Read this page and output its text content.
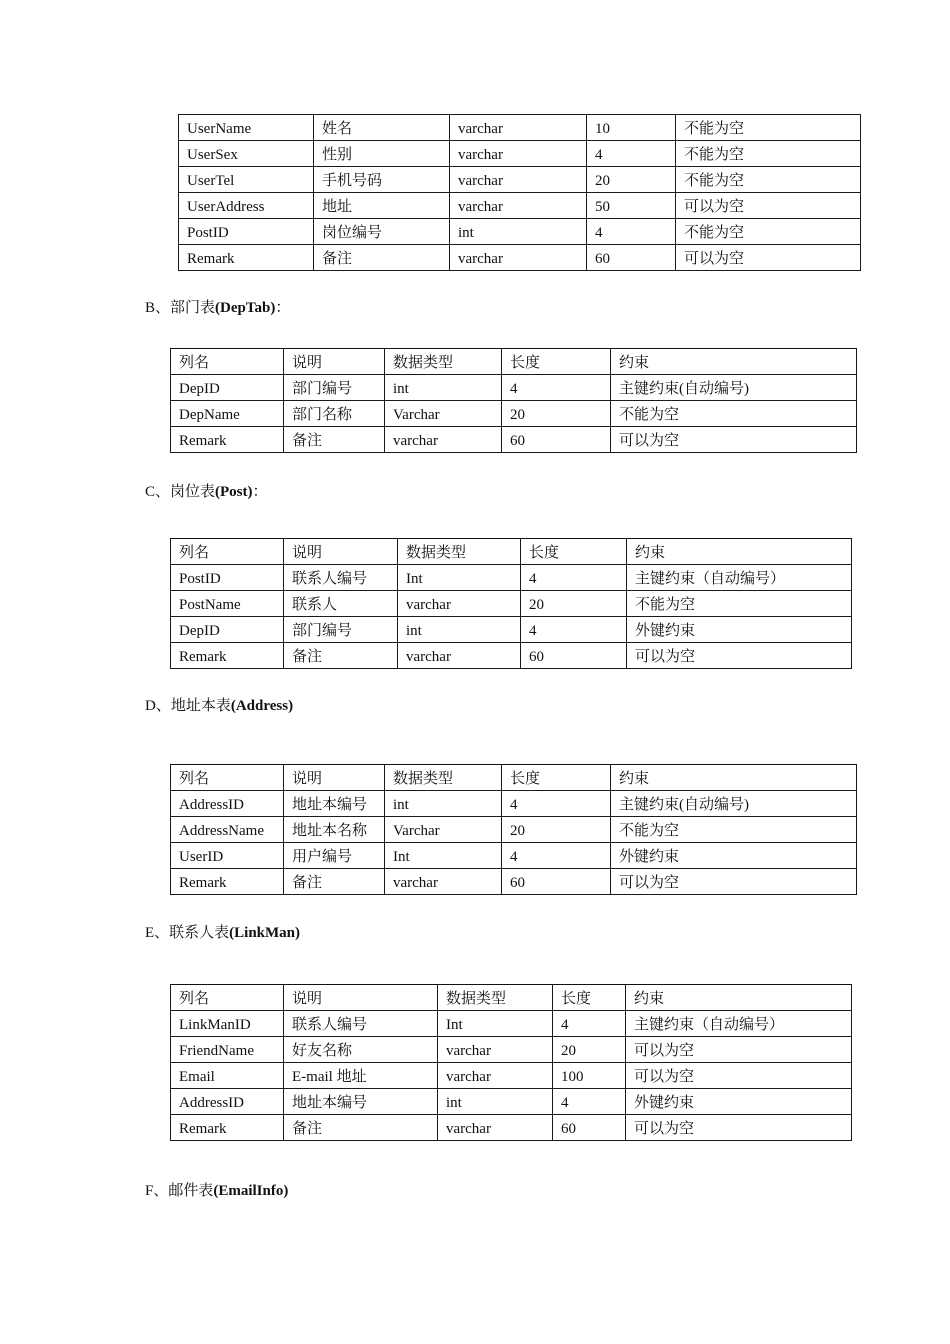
UserName	姓名	varchar	10	不能为空
UserSex	性别	varchar	4	不能为空
UserTel	手机号码	varchar	20	不能为空
UserAddress	地址	varchar	50	可以为空
PostID	岗位编号	int	4	不能为空
Remark	备注	varchar	60	可以为空
B、部门表(DepTab)：
列名	说明	数据类型	长度	约束
DepID	部门编号	int	4	主键约束(自动编号)
DepName	部门名称	Varchar	20	不能为空
Remark	备注	varchar	60	可以为空
C、岗位表(Post)：
列名	说明	数据类型	长度	约束
PostID	联系人编号	Int	4	主键约束（自动编号）
PostName	联系人	varchar	20	不能为空
DepID	部门编号	int	4	外键约束
Remark	备注	varchar	60	可以为空
D、地址本表(Address)
列名	说明	数据类型	长度	约束
AddressID	地址本编号	int	4	主键约束(自动编号)
AddressName	地址本名称	Varchar	20	不能为空
UserID	用户编号	Int	4	外键约束
Remark	备注	varchar	60	可以为空
E、联系人表(LinkMan)
列名	说明	数据类型	长度	约束
LinkManID	联系人编号	Int	4	主键约束（自动编号）
FriendName	好友名称	varchar	20	可以为空
Email	E-mail 地址	varchar	100	可以为空
AddressID	地址本编号	int	4	外键约束
Remark	备注	varchar	60	可以为空
F、邮件表(EmailInfo)
